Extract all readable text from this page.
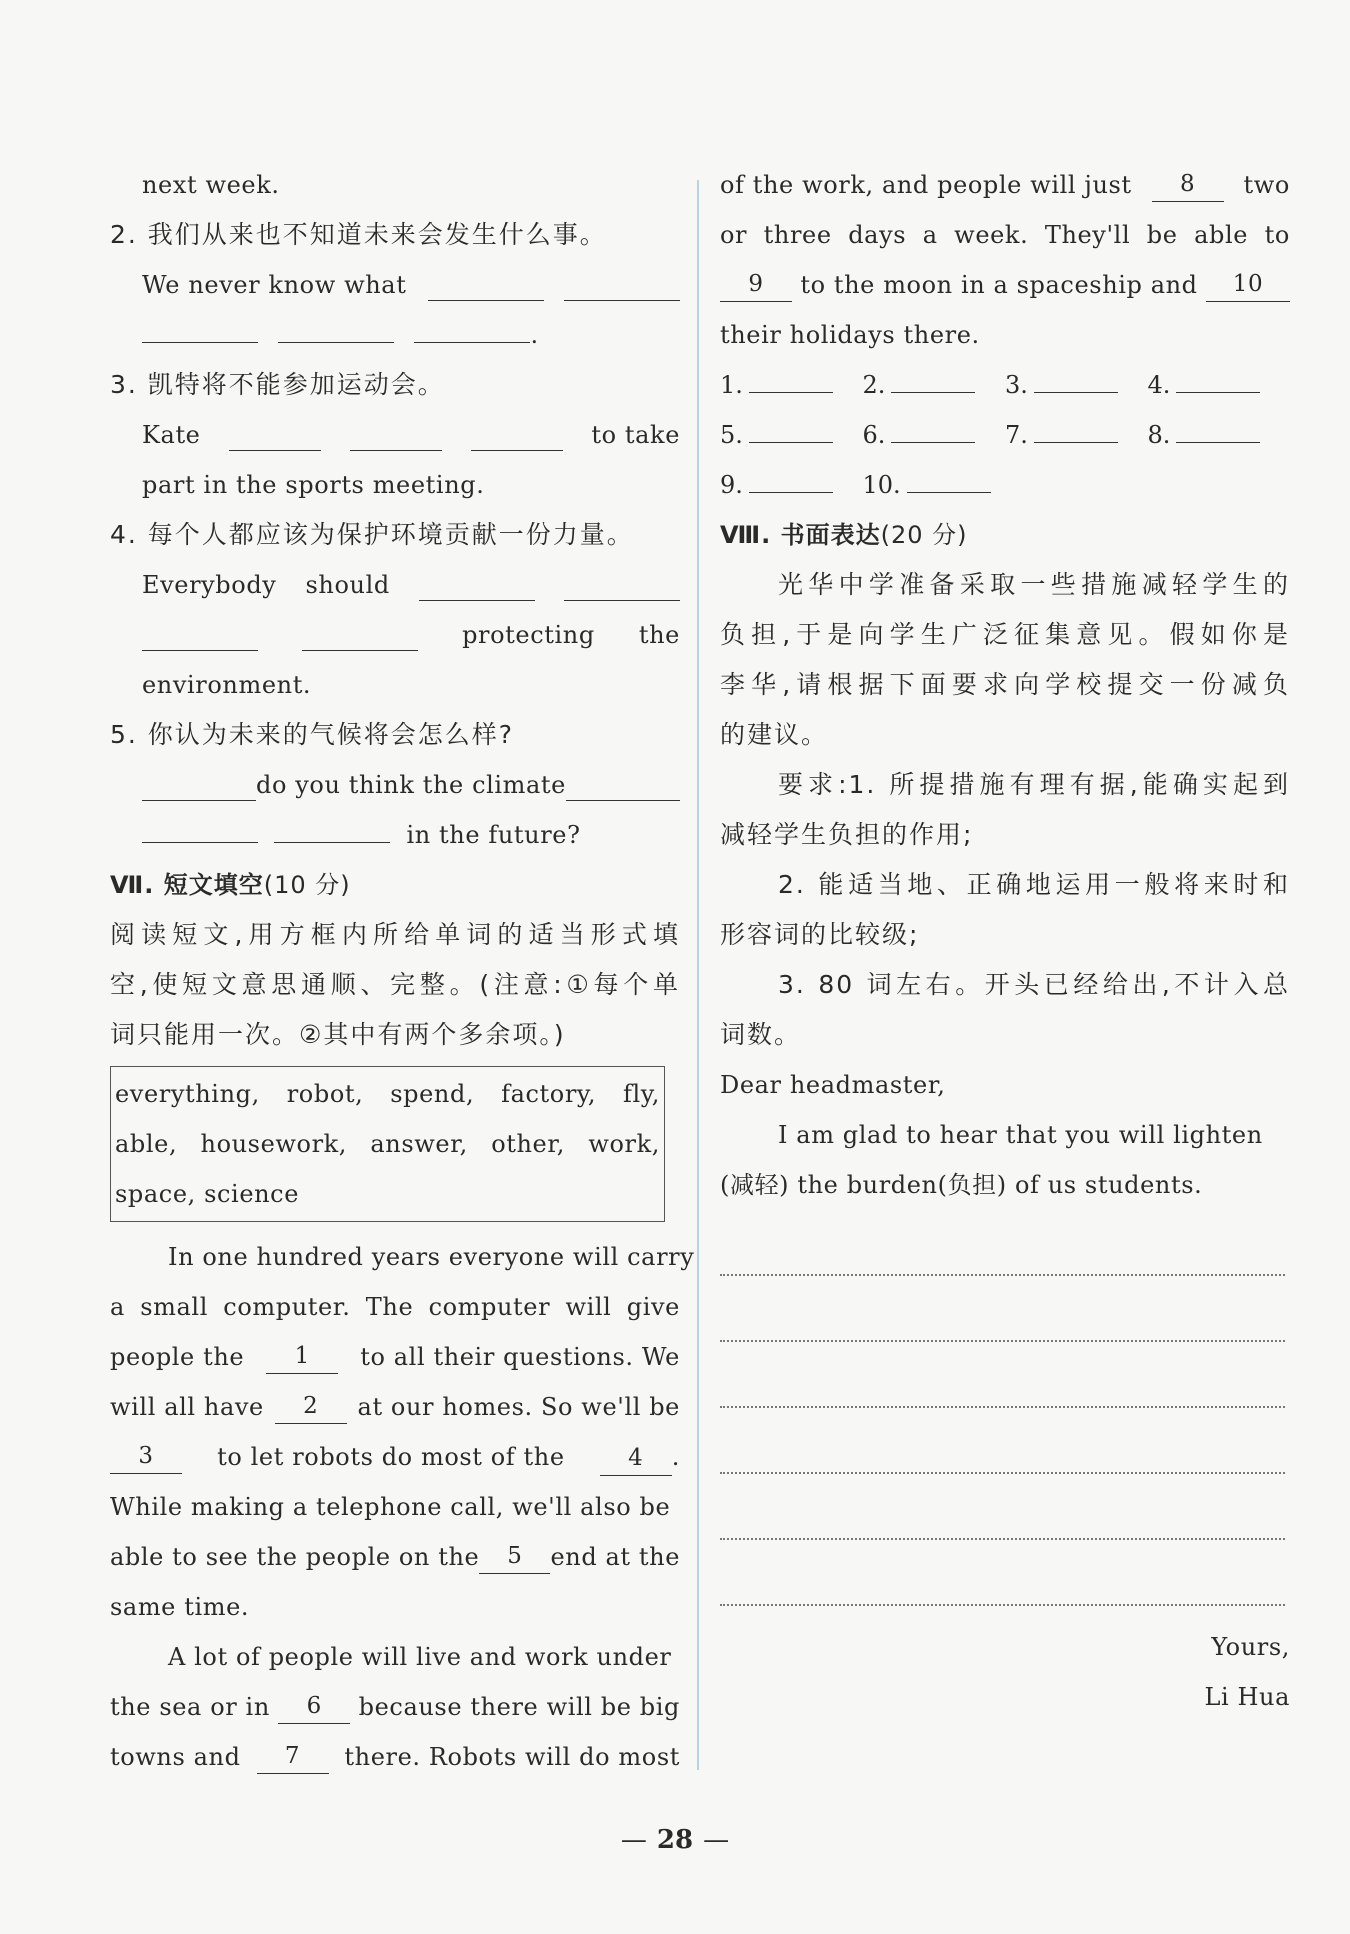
next week.
2. 我们从来也不知道未来会发生什么事。
We never know what
.
3. 凯特将不能参加运动会。
Kate	to take
part in the sports meeting.
4. 每个人都应该为保护环境贡献一份力量。
Everybody should
protecting the
environment.
5. 你认为未来的气候将会怎么样?
do you think the climate
in the future?
Ⅶ. 短文填空(10 分)
阅读短文,用方框内所给单词的适当形式填
空,使短文意思通顺、完整。(注意:①每个单
词只能用一次。②其中有两个多余项。)
everything, robot, spend, factory, fly,
able, housework, answer, other, work,
space, science
In one hundred years everyone will carry
a small computer. The computer will give
people the	1	to all their questions. We
will all have	2	at our homes. So we'll be
3	to let robots do most of the	4 .
While making a telephone call, we'll also be
able to see the people on the	5	end at the
same time.
A lot of people will live and work under
the sea or in	6	because there will be big
towns and	7	there. Robots will do most
of the work, and people will just	8	two
or three days a week. They'll be able to
9	to the moon in a spaceship and	10
their holidays there.
1.	2.	3.	4.
5.	6.	7.	8.
9.	10.
Ⅷ. 书面表达(20 分)
光华中学准备采取一些措施减轻学生的
负担,于是向学生广泛征集意见。假如你是
李华,请根据下面要求向学校提交一份减负
的建议。
要求:1. 所提措施有理有据,能确实起到
减轻学生负担的作用;
2. 能适当地、正确地运用一般将来时和
形容词的比较级;
3. 80 词左右。开头已经给出,不计入总
词数。
Dear headmaster,
I am glad to hear that you will lighten
(减轻) the burden(负担) of us students.
Yours,
Li Hua
— 28 —
